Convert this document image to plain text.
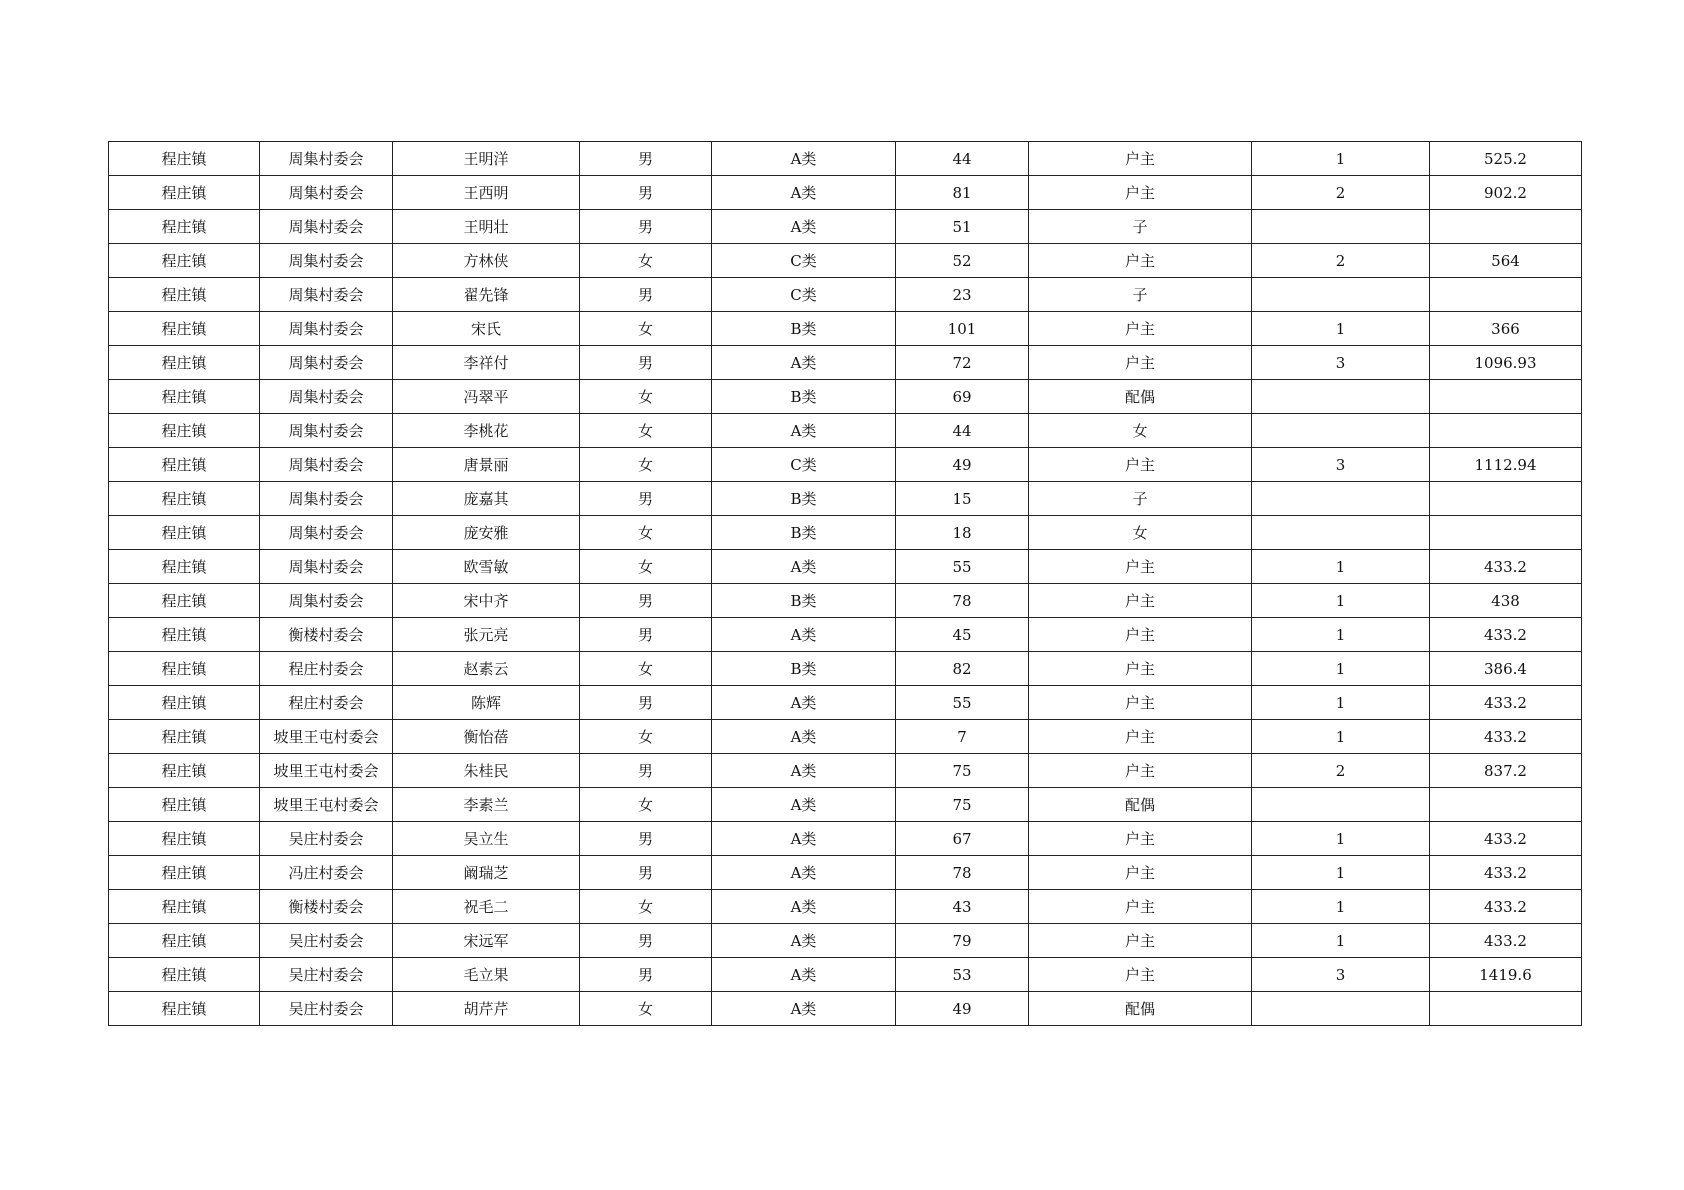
程庄镇	周集村委会	王明洋	男	A类	44	户主	1	525.2
程庄镇	周集村委会	王西明	男	A类	81	户主	2	902.2
程庄镇	周集村委会	王明壮	男	A类	51	子		
程庄镇	周集村委会	方林侠	女	C类	52	户主	2	564
程庄镇	周集村委会	翟先锋	男	C类	23	子		
程庄镇	周集村委会	宋氏	女	B类	101	户主	1	366
程庄镇	周集村委会	李祥付	男	A类	72	户主	3	1096.93
程庄镇	周集村委会	冯翠平	女	B类	69	配偶		
程庄镇	周集村委会	李桃花	女	A类	44	女		
程庄镇	周集村委会	唐景丽	女	C类	49	户主	3	1112.94
程庄镇	周集村委会	庞嘉其	男	B类	15	子		
程庄镇	周集村委会	庞安雅	女	B类	18	女		
程庄镇	周集村委会	欧雪敏	女	A类	55	户主	1	433.2
程庄镇	周集村委会	宋中齐	男	B类	78	户主	1	438
程庄镇	衡楼村委会	张元亮	男	A类	45	户主	1	433.2
程庄镇	程庄村委会	赵素云	女	B类	82	户主	1	386.4
程庄镇	程庄村委会	陈辉	男	A类	55	户主	1	433.2
程庄镇	坡里王屯村委会	衡怡蓓	女	A类	7	户主	1	433.2
程庄镇	坡里王屯村委会	朱桂民	男	A类	75	户主	2	837.2
程庄镇	坡里王屯村委会	李素兰	女	A类	75	配偶		
程庄镇	吴庄村委会	吴立生	男	A类	67	户主	1	433.2
程庄镇	冯庄村委会	阚瑞芝	男	A类	78	户主	1	433.2
程庄镇	衡楼村委会	祝毛二	女	A类	43	户主	1	433.2
程庄镇	吴庄村委会	宋远军	男	A类	79	户主	1	433.2
程庄镇	吴庄村委会	毛立果	男	A类	53	户主	3	1419.6
程庄镇	吴庄村委会	胡芹芹	女	A类	49	配偶		
